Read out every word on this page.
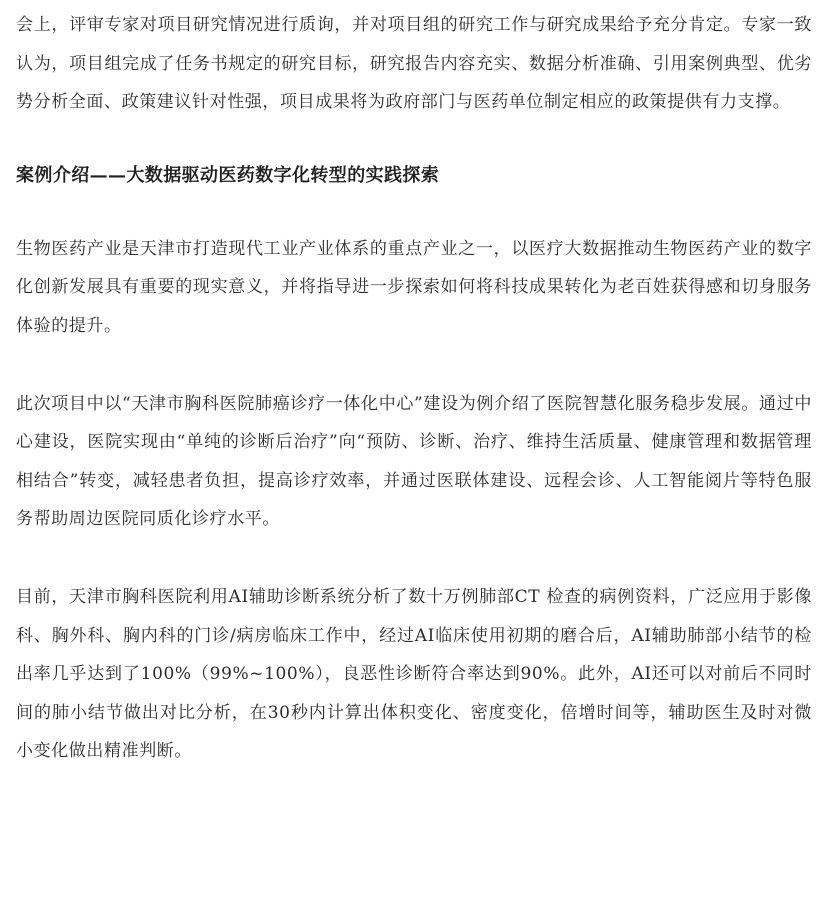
会上，评审专家对项目研究情况进行质询，并对项目组的研究工作与研究成果给予充分肯定。专家一致认为，项目组完成了任务书规定的研究目标，研究报告内容充实、数据分析准确、引用案例典型、优劣势分析全面、政策建议针对性强，项目成果将为政府部门与医药单位制定相应的政策提供有力支撑。

案例介绍——大数据驱动医药数字化转型的实践探索

生物医药产业是天津市打造现代工业产业体系的重点产业之一，以医疗大数据推动生物医药产业的数字化创新发展具有重要的现实意义，并将指导进一步探索如何将科技成果转化为老百姓获得感和切身服务体验的提升。

此次项目中以“天津市胸科医院肺癌诊疗一体化中心”建设为例介绍了医院智慧化服务稳步发展。通过中心建设，医院实现由“单纯的诊断后治疗”向“预防、诊断、治疗、维持生活质量、健康管理和数据管理相结合”转变，减轻患者负担，提高诊疗效率，并通过医联体建设、远程会诊、人工智能阅片等特色服务帮助周边医院同质化诊疗水平。

目前，天津市胸科医院利用AI辅助诊断系统分析了数十万例肺部CT 检查的病例资料，广泛应用于影像科、胸外科、胸内科的门诊/病房临床工作中，经过AI临床使用初期的磨合后，AI辅助肺部小结节的检出率几乎达到了100%（99%~100%），良恶性诊断符合率达到90%。此外，AI还可以对前后不同时间的肺小结节做出对比分析，在30秒内计算出体积变化、密度变化，倍增时间等，辅助医生及时对微小变化做出精准判断。
